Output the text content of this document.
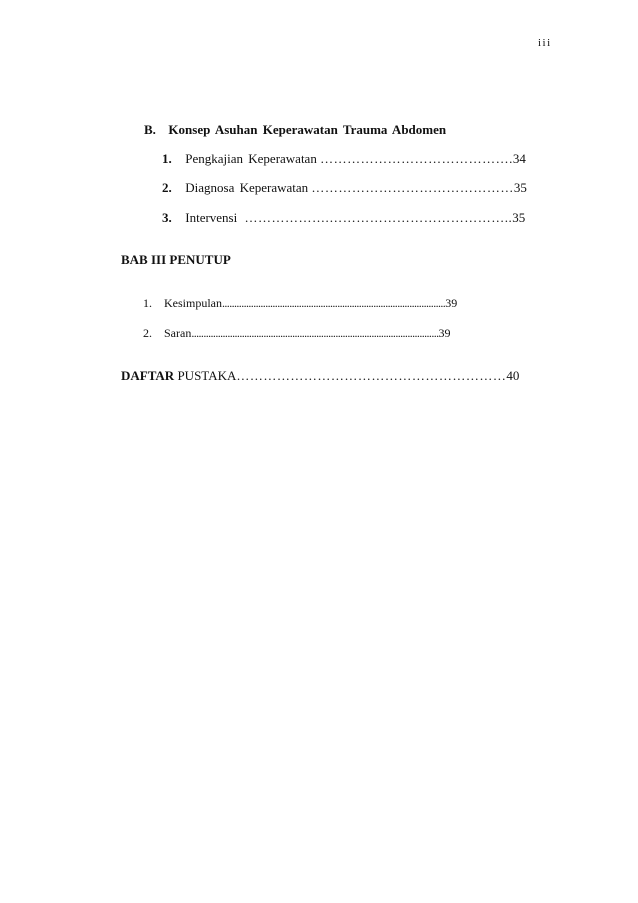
iii
B. Konsep Asuhan Keperawatan Trauma Abdomen
1. Pengkajian Keperawatan …………………………………….34
2. Diagnosa Keperawatan ………………………………………35
3. Intervensi ……………….…………………………………..35
BAB III PENUTUP
1. Kesimpulan.............................................................................................39
2. Saran.......................................................................................................39
DAFTAR PUSTAKA……………………………………………………40
